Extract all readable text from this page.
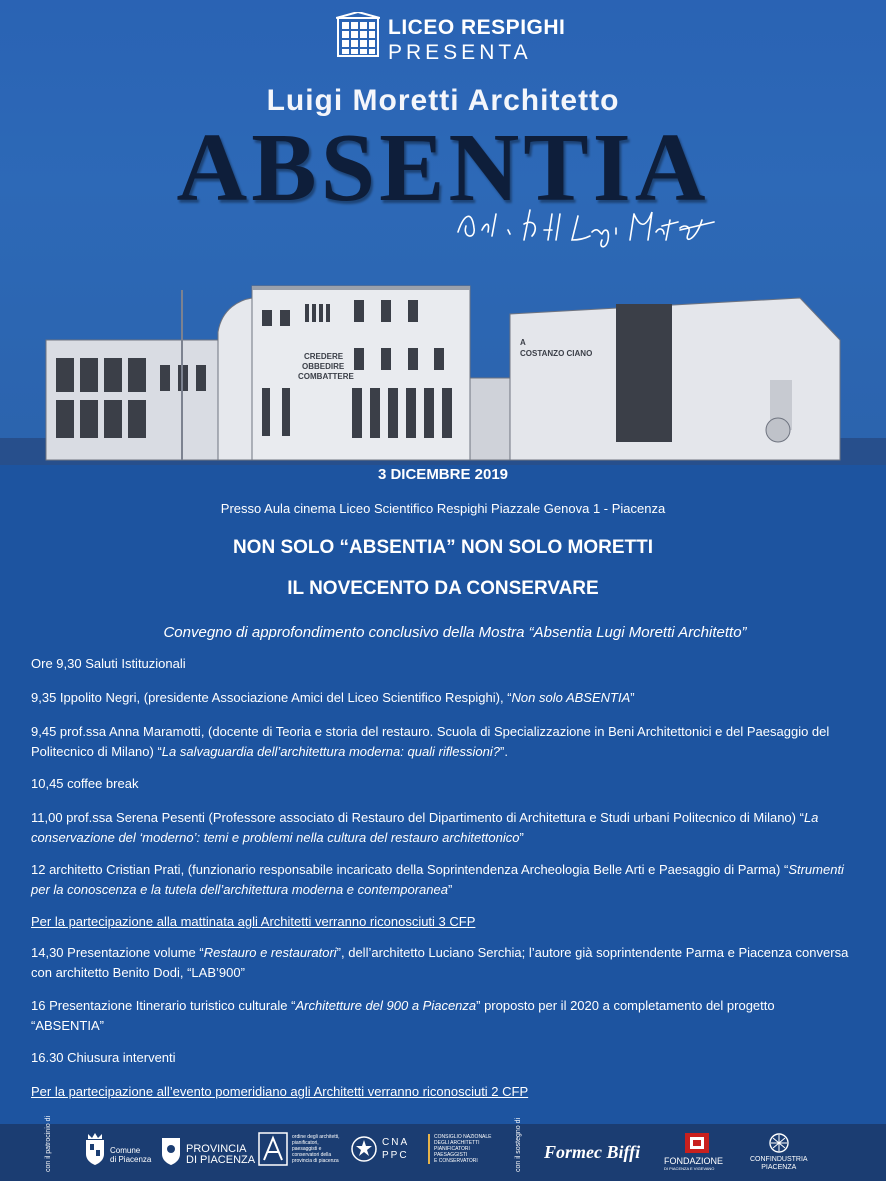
LICEO RESPIGHI
PRESENTA
Luigi Moretti Architetto
ABSENTIA
CREDERE
OBBEDIRE
COMBATTERE
A
COSTANZO CIANO
3 DICEMBRE 2019
Presso Aula cinema Liceo Scientifico Respighi Piazzale Genova 1 - Piacenza
NON SOLO “ABSENTIA” NON SOLO MORETTI
IL NOVECENTO DA CONSERVARE
Convegno di approfondimento conclusivo della Mostra “Absentia Lugi Moretti Architetto”
Ore 9,30 Saluti Istituzionali
9,35 Ippolito Negri, (presidente Associazione Amici del Liceo Scientifico Respighi), “Non solo ABSENTIA”
9,45 prof.ssa Anna Maramotti, (docente di Teoria e storia del restauro. Scuola di Specializzazione in Beni Architettonici e del Paesaggio del Politecnico di Milano) “La salvaguardia dell’architettura moderna: quali riflessioni?”.
10,45 coffee break
11,00 prof.ssa Serena Pesenti (Professore associato di Restauro del Dipartimento di Architettura e Studi urbani Politecnico di Milano) “La conservazione del ‘moderno’: temi e problemi nella cultura del restauro architettonico”
12 architetto Cristian Prati, (funzionario responsabile incaricato della Soprintendenza Archeologia Belle Arti e Paesaggio di Parma) “Strumenti per la conoscenza e la tutela dell’architettura moderna e contemporanea”
Per la partecipazione alla mattinata agli Architetti verranno riconosciuti 3 CFP
14,30 Presentazione volume “Restauro e restauratori”, dell’architetto Luciano Serchia; l’autore già soprintendente Parma e Piacenza conversa con architetto Benito Dodi, “LAB’900”
16 Presentazione Itinerario turistico culturale “Architetture del 900 a Piacenza” proposto per il 2020 a completamento del progetto “ABSENTIA”
16.30 Chiusura interventi
Per la partecipazione all’evento pomeridiano agli Architetti verranno riconosciuti 2 CFP
con il patrocinio di	Comune
di Piacenza
PROVINCIA
DI PIACENZA
ordine degli architetti,
pianificatori,
paesaggisti e
conservatori della
provincia di piacenza
CNA
PPC
CONSIGLIO NAZIONALE
DEGLI ARCHITETTI
PIANIFICATORI
PAESAGGISTI
E CONSERVATORI	con il sostegno di Formec Biffi	FONDAZIONE
DI PIACENZA E VIGEVANO
CONFINDUSTRIA
PIACENZA
